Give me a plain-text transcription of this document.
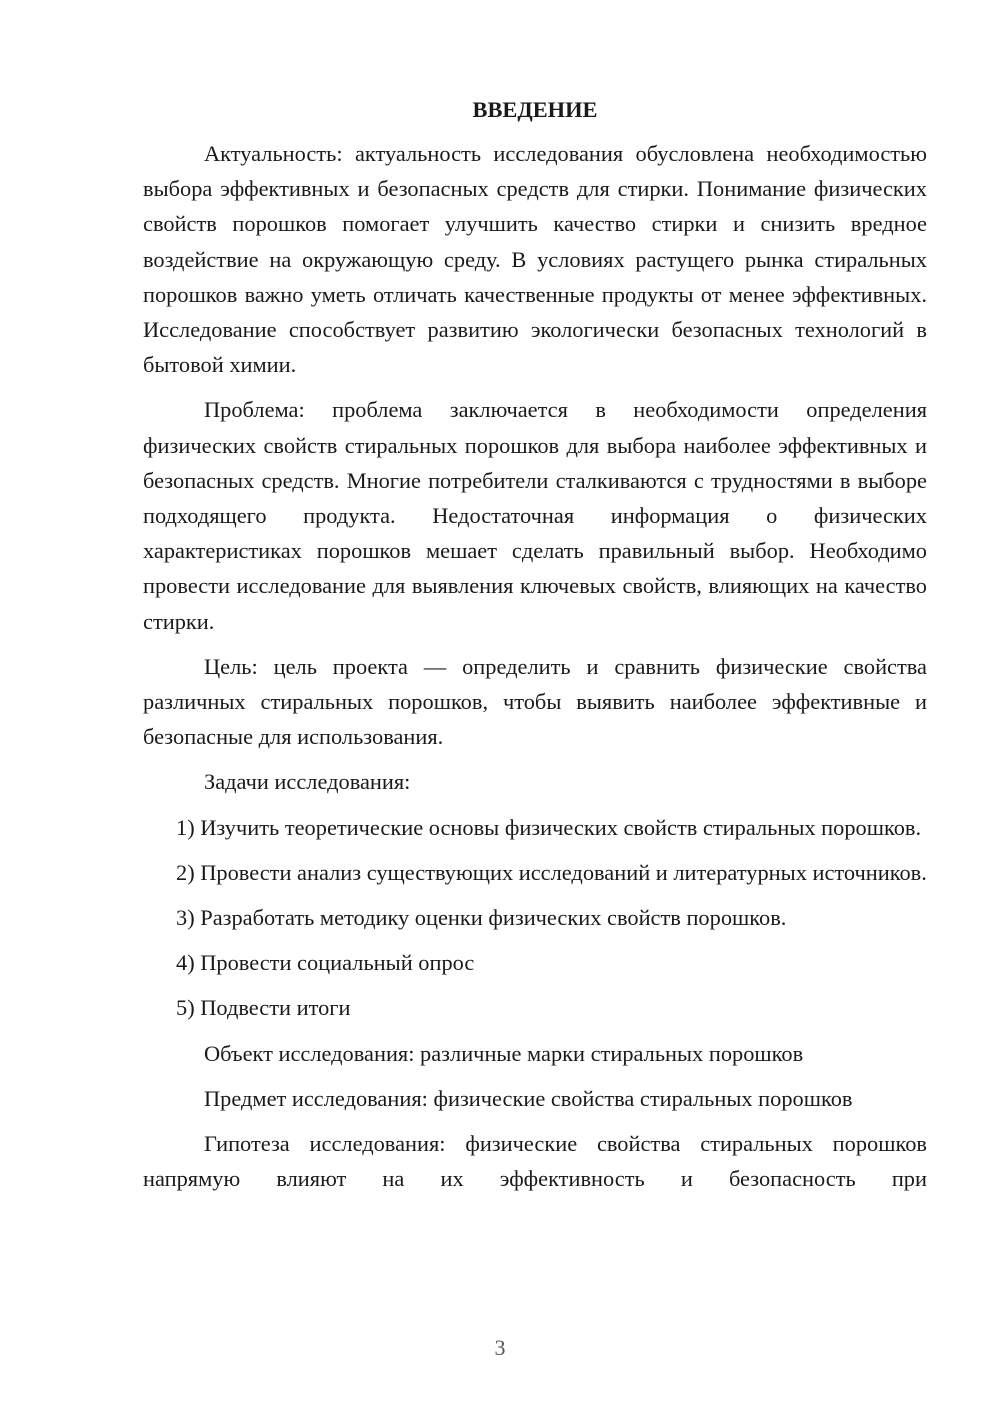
ВВЕДЕНИЕ

Актуальность: актуальность исследования обусловлена необходимостью выбора эффективных и безопасных средств для стирки. Понимание физических свойств порошков помогает улучшить качество стирки и снизить вредное воздействие на окружающую среду. В условиях растущего рынка стиральных порошков важно уметь отличать качественные продукты от менее эффективных. Исследование способствует развитию экологически безопасных технологий в бытовой химии.

Проблема: проблема заключается в необходимости определения физических свойств стиральных порошков для выбора наиболее эффективных и безопасных средств. Многие потребители сталкиваются с трудностями в выборе подходящего продукта. Недостаточная информация о физических характеристиках порошков мешает сделать правильный выбор. Необходимо провести исследование для выявления ключевых свойств, влияющих на качество стирки.

Цель: цель проекта — определить и сравнить физические свойства различных стиральных порошков, чтобы выявить наиболее эффективные и безопасные для использования.

Задачи исследования:

1) Изучить теоретические основы физических свойств стиральных порошков.

2) Провести анализ существующих исследований и литературных источников.

3) Разработать методику оценки физических свойств порошков.

4) Провести социальный опрос

5) Подвести итоги

Объект исследования: различные марки стиральных порошков

Предмет исследования: физические свойства стиральных порошков

Гипотеза исследования: физические свойства стиральных порошков напрямую влияют на их эффективность и безопасность при

3
